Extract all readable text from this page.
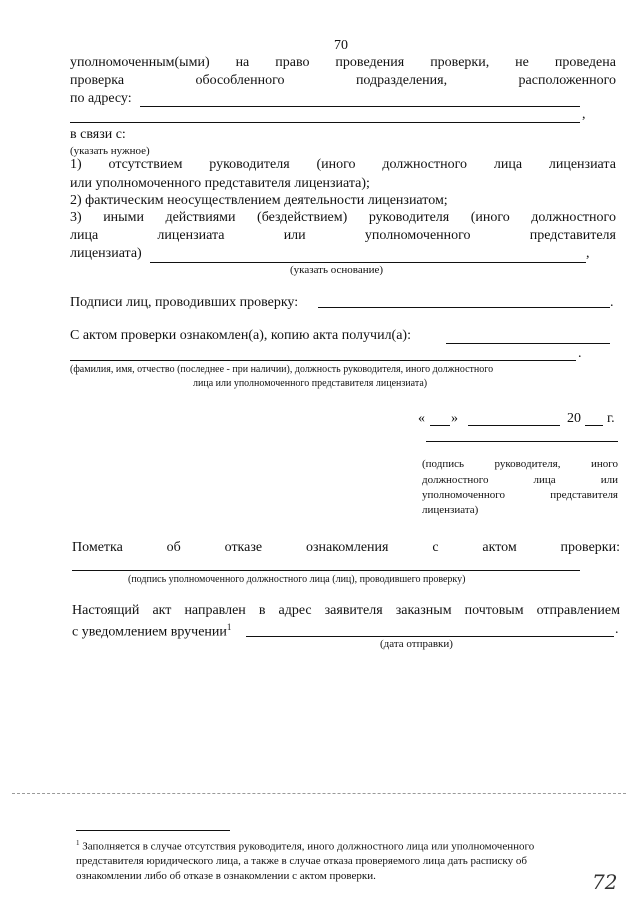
70
уполномоченным(ыми) на право проведения проверки, не проведена
проверка	обособленного	подразделения,	расположенного
по адресу:
,
в связи с:
(указать нужное)
1) отсутствием руководителя (иного должностного лица лицензиата
или уполномоченного представителя лицензиата);
2) фактическим неосуществлением деятельности лицензиатом;
3) иными действиями (бездействием) руководителя (иного должностного
лица	лицензиата	или	уполномоченного	представителя
лицензиата)	,
(указать основание)
Подписи лиц, проводивших проверку:	.
С актом проверки ознакомлен(а), копию акта получил(а):
.
(фамилия, имя, отчество (последнее - при наличии), должность руководителя, иного должностного
лица или уполномоченного представителя лицензиата)
« »	20 г.
(подпись	руководителя,	иного
должностного	лица	или
уполномоченного	представителя
лицензиата)
Пометка	об	отказе	ознакомления	с	актом	проверки:
(подпись уполномоченного должностного лица (лиц), проводившего проверку)
Настоящий акт направлен в адрес заявителя заказным почтовым отправлением
с уведомлением вручении$^1$	.
(дата отправки)
$^1$ Заполняется в случае отсутствия руководителя, иного должностного лица или уполномоченного
представителя юридического лица, а также в случае отказа проверяемого лица дать расписку об
ознакомлении либо об отказе в ознакомлении с актом проверки.	72
